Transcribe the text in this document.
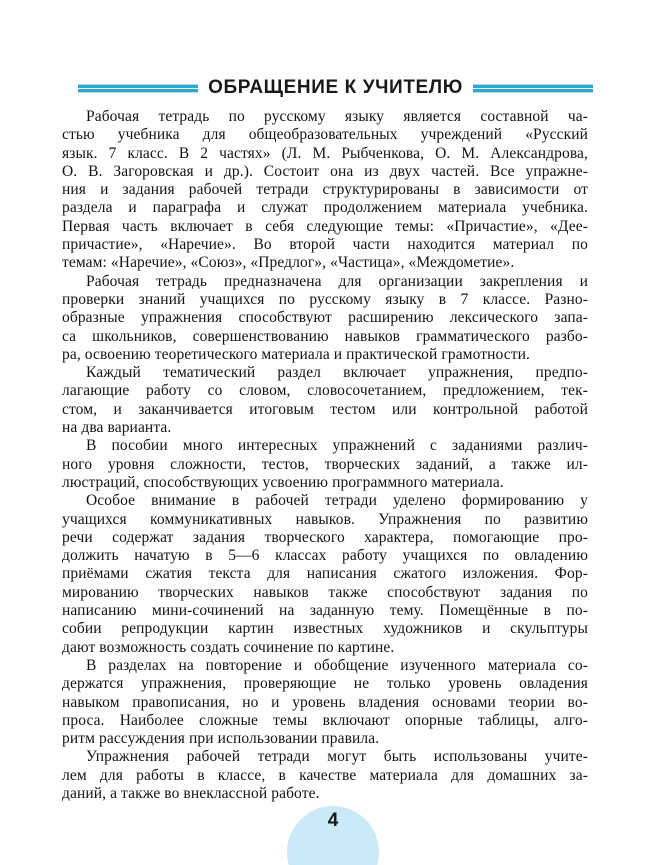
ОБРАЩЕНИЕ К УЧИТЕЛЮ
Рабочая тетрадь по русскому языку является составной ча-
стью учебника для общеобразовательных учреждений «Русский
язык. 7 класс. В 2 частях» (Л. М. Рыбченкова, О. М. Александрова,
О. В. Загоровская и др.). Состоит она из двух частей. Все упражне-
ния и задания рабочей тетради структурированы в зависимости от
раздела и параграфа и служат продолжением материала учебника.
Первая часть включает в себя следующие темы: «Причастие», «Дее-
причастие», «Наречие». Во второй части находится материал по
темам: «Наречие», «Союз», «Предлог», «Частица», «Междометие».
Рабочая тетрадь предназначена для организации закрепления и
проверки знаний учащихся по русскому языку в 7 классе. Разно-
образные упражнения способствуют расширению лексического запа-
са школьников, совершенствованию навыков грамматического разбо-
ра, освоению теоретического материала и практической грамотности.
Каждый тематический раздел включает упражнения, предпо-
лагающие работу со словом, словосочетанием, предложением, тек-
стом, и заканчивается итоговым тестом или контрольной работой
на два варианта.
В пособии много интересных упражнений с заданиями различ-
ного уровня сложности, тестов, творческих заданий, а также ил-
люстраций, способствующих усвоению программного материала.
Особое внимание в рабочей тетради уделено формированию у
учащихся коммуникативных навыков. Упражнения по развитию
речи содержат задания творческого характера, помогающие про-
должить начатую в 5—6 классах работу учащихся по овладению
приёмами сжатия текста для написания сжатого изложения. Фор-
мированию творческих навыков также способствуют задания по
написанию мини-сочинений на заданную тему. Помещённые в по-
собии репродукции картин известных художников и скульптуры
дают возможность создать сочинение по картине.
В разделах на повторение и обобщение изученного материала со-
держатся упражнения, проверяющие не только уровень овладения
навыком правописания, но и уровень владения основами теории во-
проса. Наиболее сложные темы включают опорные таблицы, алго-
ритм рассуждения при использовании правила.
Упражнения рабочей тетради могут быть использованы учите-
лем для работы в классе, в качестве материала для домашних за-
даний, а также во внеклассной работе.
4
